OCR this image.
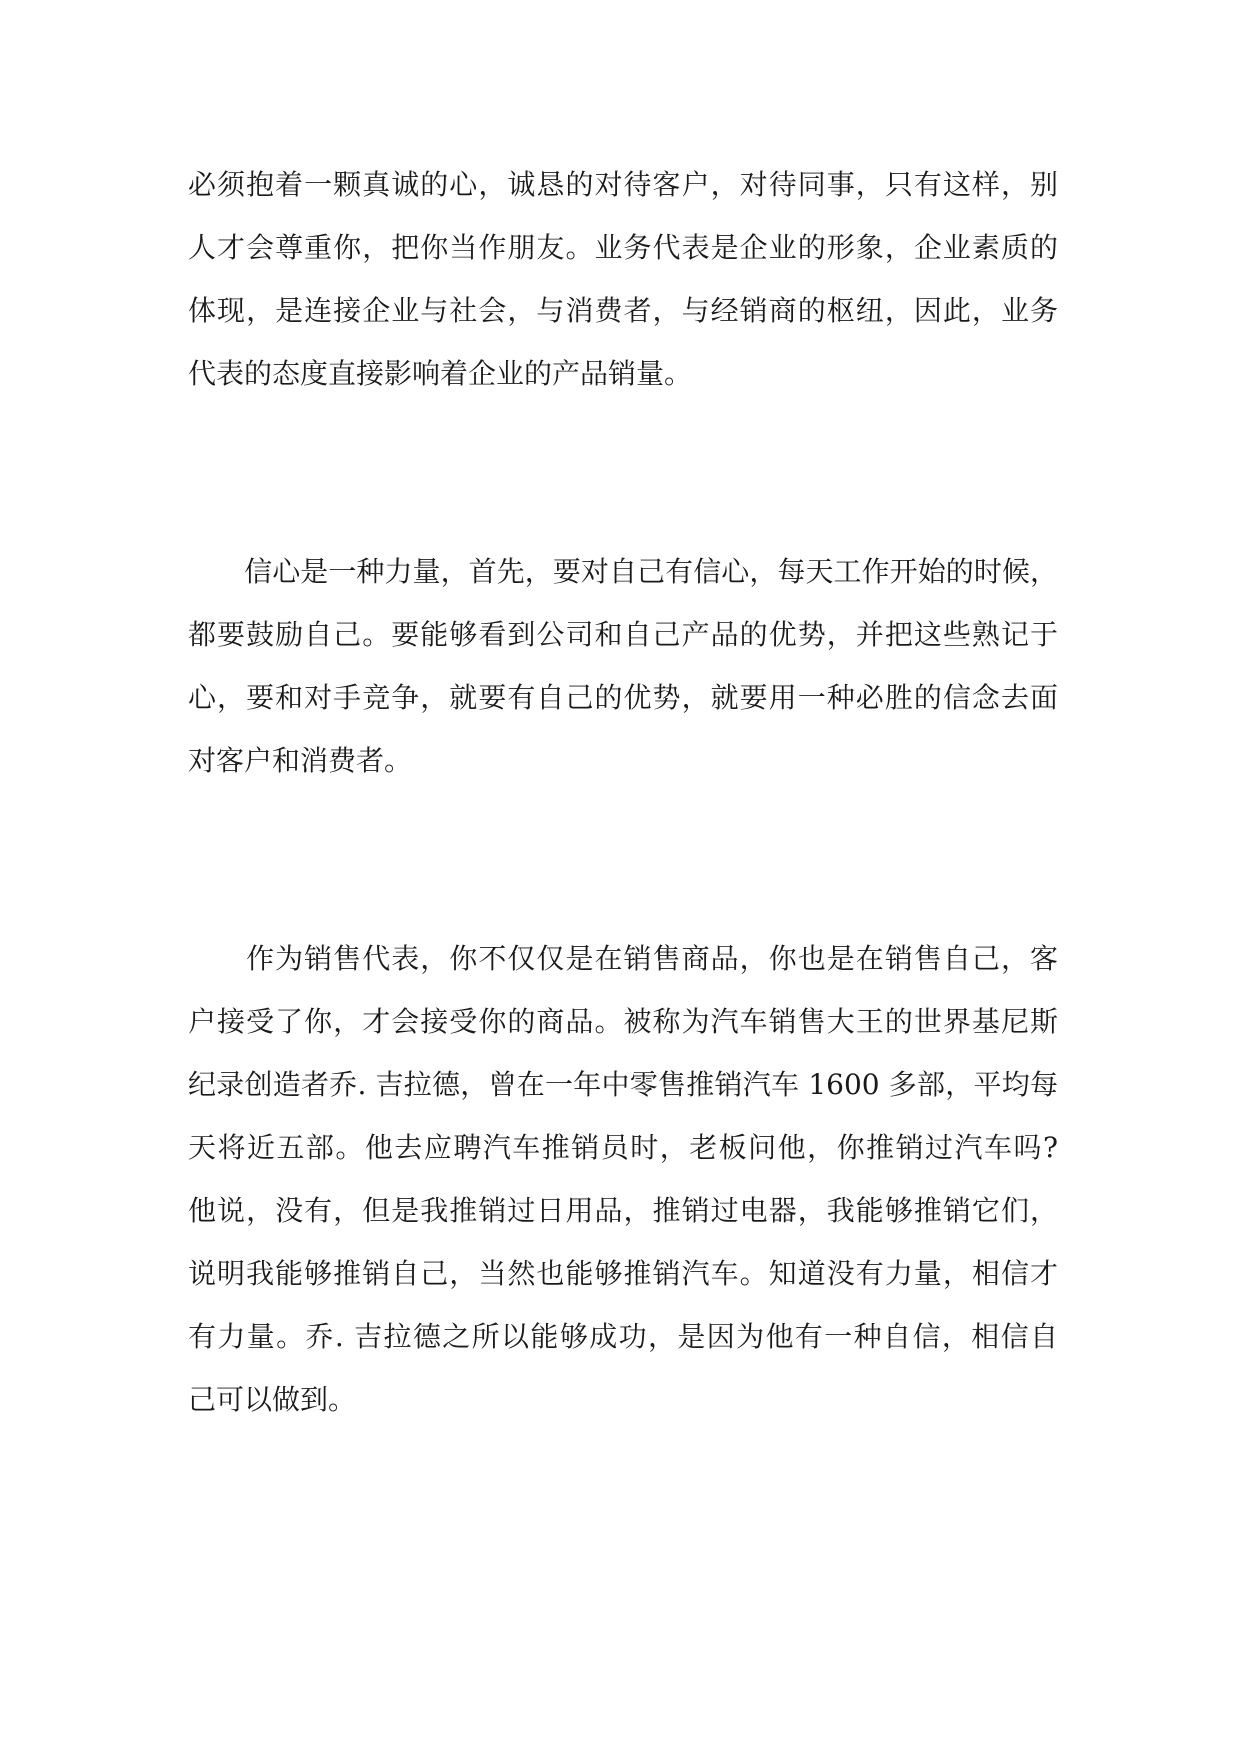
必须抱着一颗真诚的心，诚恳的对待客户，对待同事，只有这样，别
人才会尊重你，把你当作朋友。业务代表是企业的形象，企业素质的
体现，是连接企业与社会，与消费者，与经销商的枢纽，因此，业务
代表的态度直接影响着企业的产品销量。
　　信心是一种力量，首先，要对自己有信心，每天工作开始的时候，
都要鼓励自己。要能够看到公司和自己产品的优势，并把这些熟记于
心，要和对手竞争，就要有自己的优势，就要用一种必胜的信念去面
对客户和消费者。
　　作为销售代表，你不仅仅是在销售商品，你也是在销售自己，客
户接受了你，才会接受你的商品。被称为汽车销售大王的世界基尼斯
纪录创造者乔. 吉拉德，曾在一年中零售推销汽车 1600 多部，平均每
天将近五部。他去应聘汽车推销员时，老板问他，你推销过汽车吗?
他说，没有，但是我推销过日用品，推销过电器，我能够推销它们，
说明我能够推销自己，当然也能够推销汽车。知道没有力量，相信才
有力量。乔. 吉拉德之所以能够成功，是因为他有一种自信，相信自
己可以做到。
